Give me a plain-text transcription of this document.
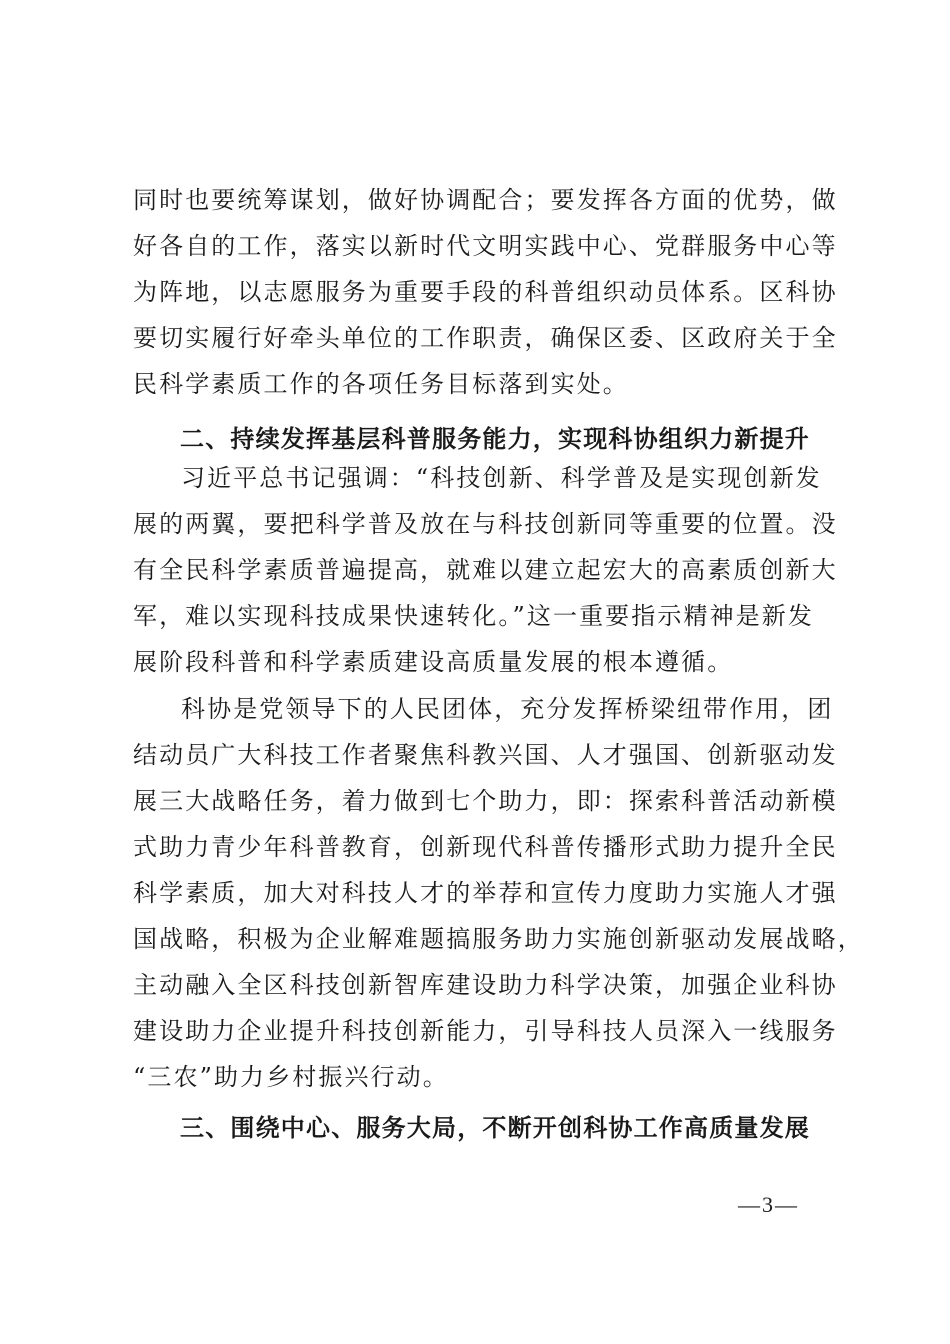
同时也要统筹谋划，做好协调配合；要发挥各方面的优势，做
好各自的工作，落实以新时代文明实践中心、党群服务中心等
为阵地，以志愿服务为重要手段的科普组织动员体系。区科协
要切实履行好牵头单位的工作职责，确保区委、区政府关于全
民科学素质工作的各项任务目标落到实处。
二、持续发挥基层科普服务能力，实现科协组织力新提升
习近平总书记强调：“科技创新、科学普及是实现创新发
展的两翼，要把科学普及放在与科技创新同等重要的位置。没
有全民科学素质普遍提高，就难以建立起宏大的高素质创新大
军，难以实现科技成果快速转化。”这一重要指示精神是新发
展阶段科普和科学素质建设高质量发展的根本遵循。
科协是党领导下的人民团体，充分发挥桥梁纽带作用，团
结动员广大科技工作者聚焦科教兴国、人才强国、创新驱动发
展三大战略任务，着力做到七个助力，即：探索科普活动新模
式助力青少年科普教育，创新现代科普传播形式助力提升全民
科学素质，加大对科技人才的举荐和宣传力度助力实施人才强
国战略，积极为企业解难题搞服务助力实施创新驱动发展战略，
主动融入全区科技创新智库建设助力科学决策，加强企业科协
建设助力企业提升科技创新能力，引导科技人员深入一线服务
“三农”助力乡村振兴行动。
三、围绕中心、服务大局，不断开创科协工作高质量发展
—3—
